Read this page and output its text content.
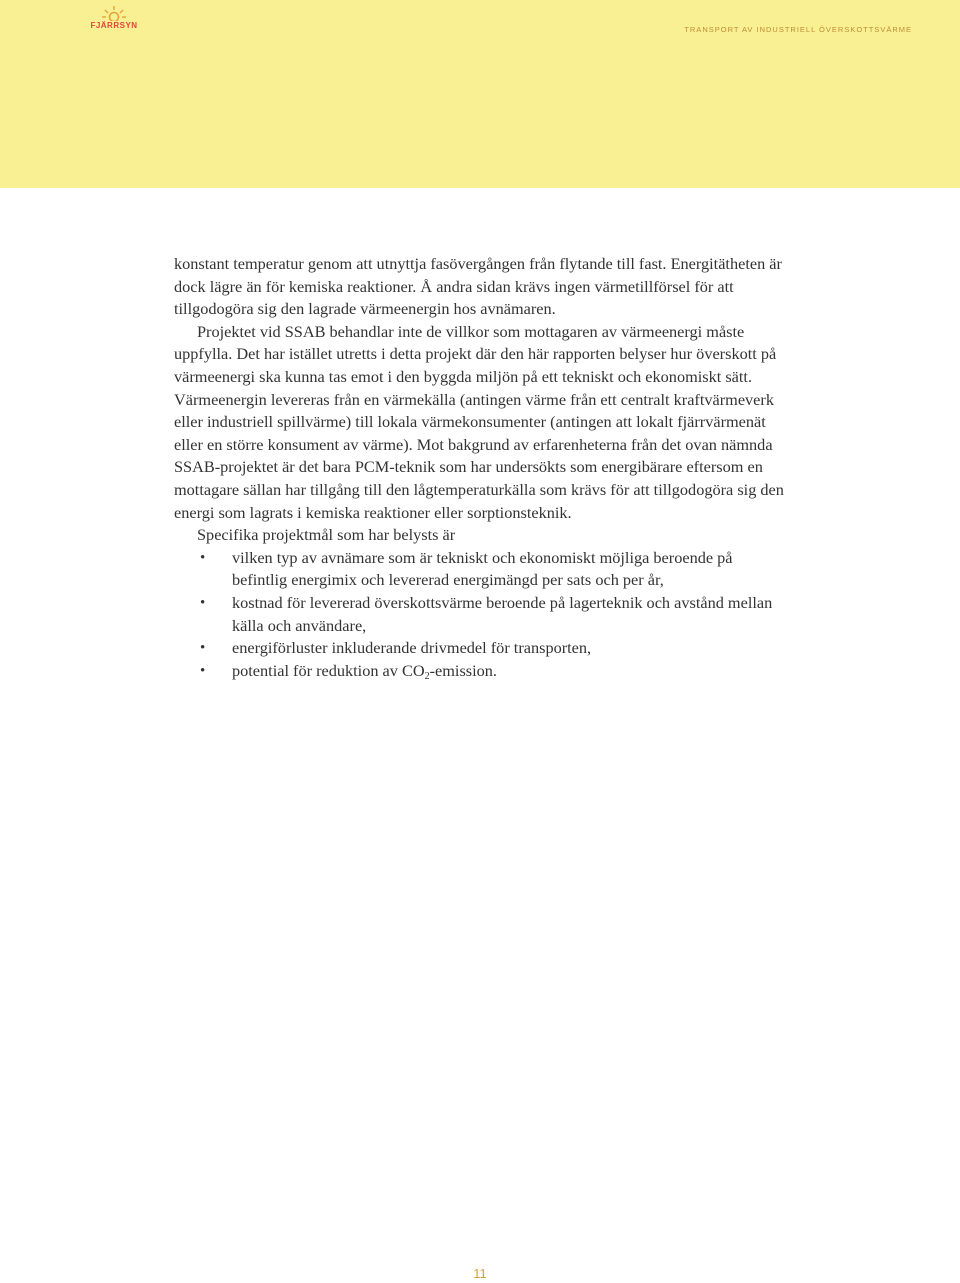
FJÄRRSYN	TRANSPORT AV INDUSTRIELL ÖVERSKOTTSVÄRME

konstant temperatur genom att utnyttja fasövergången från flytande till fast. Energitätheten är dock lägre än för kemiska reaktioner. Å andra sidan krävs ingen värmetillförsel för att tillgodogöra sig den lagrade värmeenergin hos avnämaren.

Projektet vid SSAB behandlar inte de villkor som mottagaren av värmeenergi måste uppfylla. Det har istället utretts i detta projekt där den här rapporten belyser hur överskott på värmeenergi ska kunna tas emot i den byggda miljön på ett tekniskt och ekonomiskt sätt. Värmeenergin levereras från en värmekälla (antingen värme från ett centralt kraftvärmeverk eller industriell spillvärme) till lokala värmekonsumenter (antingen att lokalt fjärrvärmenät eller en större konsument av värme). Mot bakgrund av erfarenheterna från det ovan nämnda SSAB-projektet är det bara PCM-teknik som har undersökts som energibärare eftersom en mottagare sällan har tillgång till den lågtemperaturkälla som krävs för att tillgodogöra sig den energi som lagrats i kemiska reaktioner eller sorptionsteknik.

Specifika projektmål som har belysts är

• vilken typ av avnämare som är tekniskt och ekonomiskt möjliga beroende på befintlig energimix och levererad energimängd per sats och per år,
• kostnad för levererad överskottsvärme beroende på lagerteknik och avstånd mellan källa och användare,
• energiförluster inkluderande drivmedel för transporten,
• potential för reduktion av $CO_2$-emission.
11
